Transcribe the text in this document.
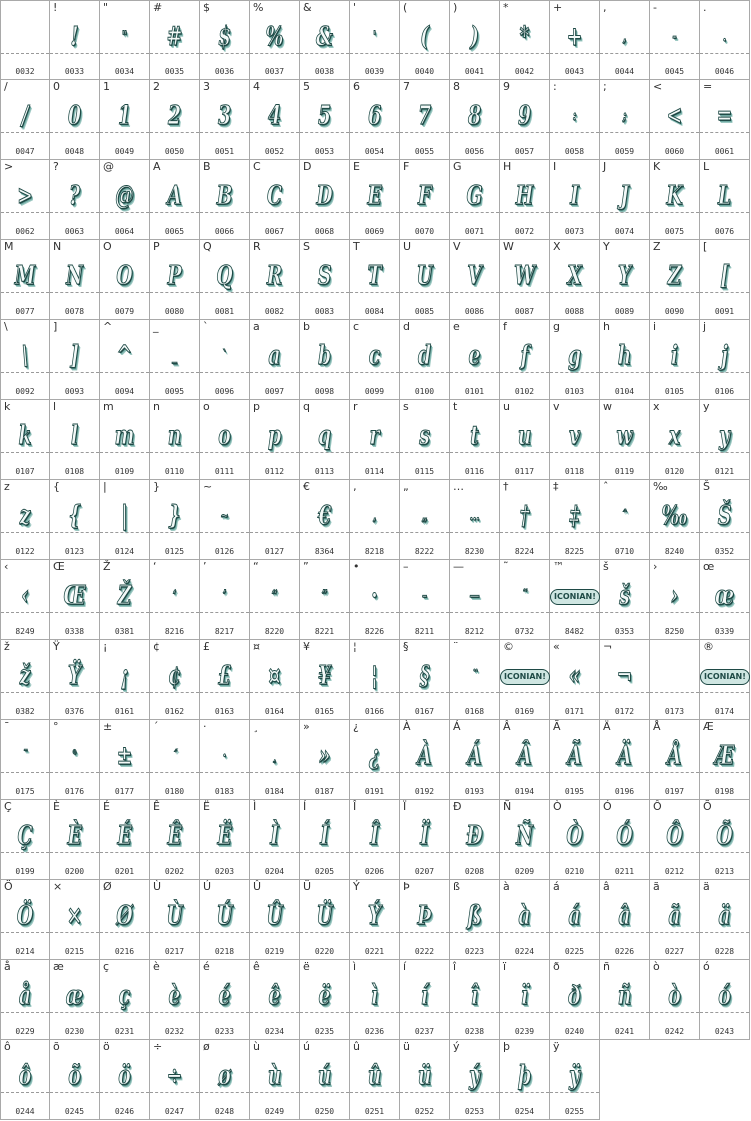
0032
!
!
0033
"
"
0034
#
#
0035
$
$
0036
%
%
0037
&
&
0038
'
'
0039
(
(
0040
)
)
0041
*
*
0042
+
+
0043
,
,
0044
-
-
0045
.
.
0046
/
/
0047
0
0
0048
1
1
0049
2
2
0050
3
3
0051
4
4
0052
5
5
0053
6
6
0054
7
7
0055
8
8
0056
9
9
0057
:
:
0058
;
;
0059
<
<
0060
=
=
0061
>
>
0062
?
?
0063
@
@
0064
A
A
0065
B
B
0066
C
C
0067
D
D
0068
E
E
0069
F
F
0070
G
G
0071
H
H
0072
I
I
0073
J
J
0074
K
K
0075
L
L
0076
M
M
0077
N
N
0078
O
O
0079
P
P
0080
Q
Q
0081
R
R
0082
S
S
0083
T
T
0084
U
U
0085
V
V
0086
W
W
0087
X
X
0088
Y
Y
0089
Z
Z
0090
[
[
0091
\
\
0092
]
]
0093
^
^
0094
_
_
0095
`
`
0096
a
a
0097
b
b
0098
c
c
0099
d
d
0100
e
e
0101
f
f
0102
g
g
0103
h
h
0104
i
i
0105
j
j
0106
k
k
0107
l
l
0108
m
m
0109
n
n
0110
o
o
0111
p
p
0112
q
q
0113
r
r
0114
s
s
0115
t
t
0116
u
u
0117
v
v
0118
w
w
0119
x
x
0120
y
y
0121
z
z
0122
{
{
0123
|
|
0124
}
}
0125
~
~
0126	0127
€
€
8364
‚
‚
8218
„
„
8222
…
…
8230
†
†
8224
‡
‡
8225
ˆ
ˆ
0710
‰
‰
8240
Š
Š
0352
‹
‹
8249
Œ
Œ
0338
Ž
Ž
0381
‘
‘
8216
’
’
8217
“
“
8220
”
”
8221
•
•
8226
–
–
8211
—
—
8212
˜
˜
0732
™
ICONIAN!
8482
š
š
0353
›
›
8250
œ
œ
0339
ž
ž
0382
Ÿ
Ÿ
0376
¡
¡
0161
¢
¢
0162
£
£
0163
¤
¤
0164
¥
¥
0165
¦
¦
0166
§
§
0167
¨
¨
0168
©
ICONIAN!
0169
«
«
0171
¬
¬
0172	0173
®
ICONIAN!
0174
¯
¯
0175
°
°
0176
±
±
0177
´
´
0180
·
·
0183
¸
¸
0184
»
»
0187
¿
¿
0191
À
À
0192
Á
Á
0193
Â
Â
0194
Ã
Ã
0195
Ä
Ä
0196
Å
Å
0197
Æ
Æ
0198
Ç
Ç
0199
È
È
0200
É
É
0201
Ê
Ê
0202
Ë
Ë
0203
Ì
Ì
0204
Í
Í
0205
Î
Î
0206
Ï
Ï
0207
Ð
Ð
0208
Ñ
Ñ
0209
Ò
Ò
0210
Ó
Ó
0211
Ô
Ô
0212
Õ
Õ
0213
Ö
Ö
0214
×
×
0215
Ø
Ø
0216
Ù
Ù
0217
Ú
Ú
0218
Û
Û
0219
Ü
Ü
0220
Ý
Ý
0221
Þ
Þ
0222
ß
ß
0223
à
à
0224
á
á
0225
â
â
0226
ã
ã
0227
ä
ä
0228
å
å
0229
æ
æ
0230
ç
ç
0231
è
è
0232
é
é
0233
ê
ê
0234
ë
ë
0235
ì
ì
0236
í
í
0237
î
î
0238
ï
ï
0239
ð
ð
0240
ñ
ñ
0241
ò
ò
0242
ó
ó
0243
ô
ô
0244
õ
õ
0245
ö
ö
0246
÷
÷
0247
ø
ø
0248
ù
ù
0249
ú
ú
0250
û
û
0251
ü
ü
0252
ý
ý
0253
þ
þ
0254
ÿ
ÿ
0255
